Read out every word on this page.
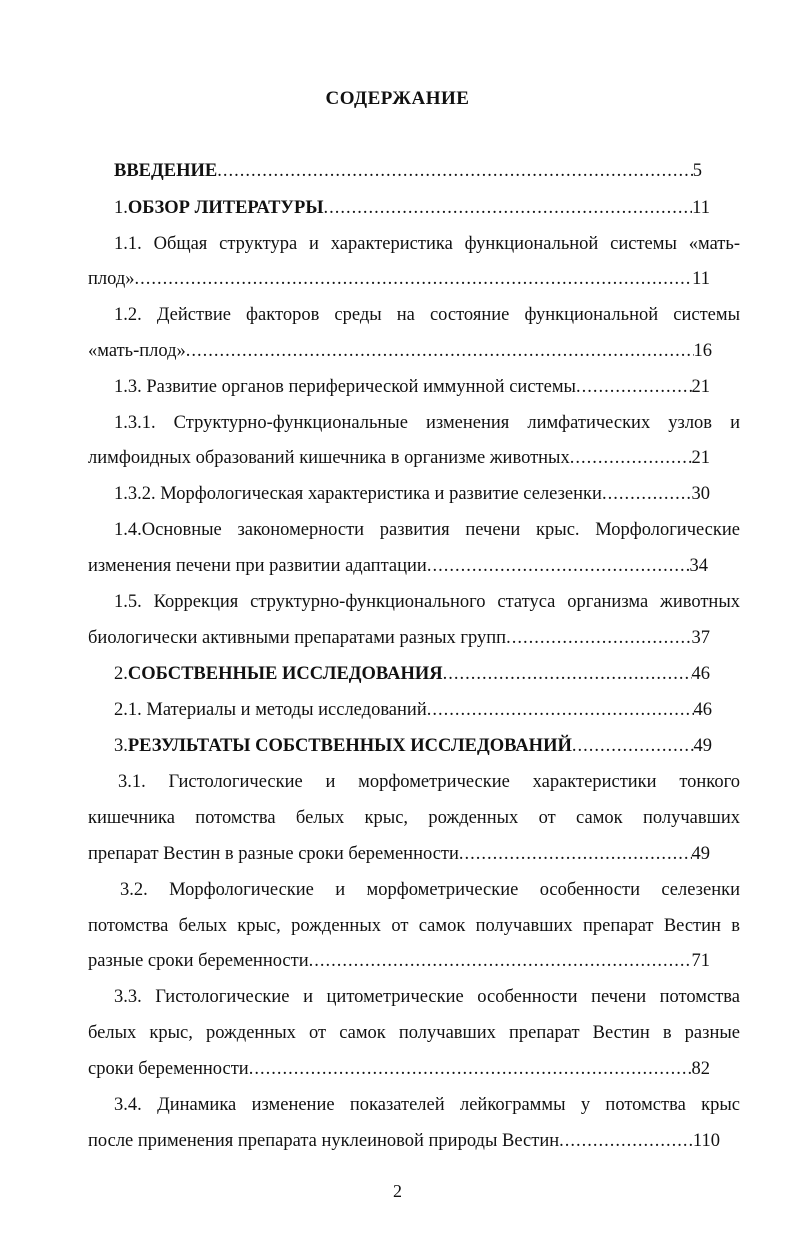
СОДЕРЖАНИЕ
ВВЕДЕНИЕ .....	5
1. ОБЗОР ЛИТЕРАТУРЫ .....	11
1.1. Общая структура и характеристика функциональной системы «мать-
плод» .....	11
1.2. Действие факторов среды на состояние функциональной системы
«мать-плод» .....	16
1.3. Развитие органов периферической иммунной системы .....	21
1.3.1. Структурно-функциональные изменения лимфатических узлов и
лимфоидных образований кишечника в организме животных .....	21
1.3.2. Морфологическая характеристика и развитие селезенки .....	30
1.4.Основные закономерности развития печени крыс. Морфологические
изменения печени при развитии адаптации .....	34
1.5. Коррекция структурно-функционального статуса организма животных
биологически активными препаратами разных групп .....	37
2. СОБСТВЕННЫЕ ИССЛЕДОВАНИЯ .....	46
2.1. Материалы и методы исследований .....	46
3. РЕЗУЛЬТАТЫ СОБСТВЕННЫХ ИССЛЕДОВАНИЙ .....	49
3.1. Гистологические и морфометрические характеристики тонкого
кишечника потомства белых крыс, рожденных от самок получавших
препарат Вестин в разные сроки беременности .....	49
3.2. Морфологические и морфометрические особенности селезенки
потомства белых крыс, рожденных от самок получавших препарат Вестин в
разные сроки беременности .....	71
3.3. Гистологические и цитометрические особенности печени потомства
белых крыс, рожденных от самок получавших препарат Вестин в разные
сроки беременности .....	82
3.4. Динамика изменение показателей лейкограммы у потомства крыс
после применения препарата нуклеиновой природы Вестин .....	110
2
